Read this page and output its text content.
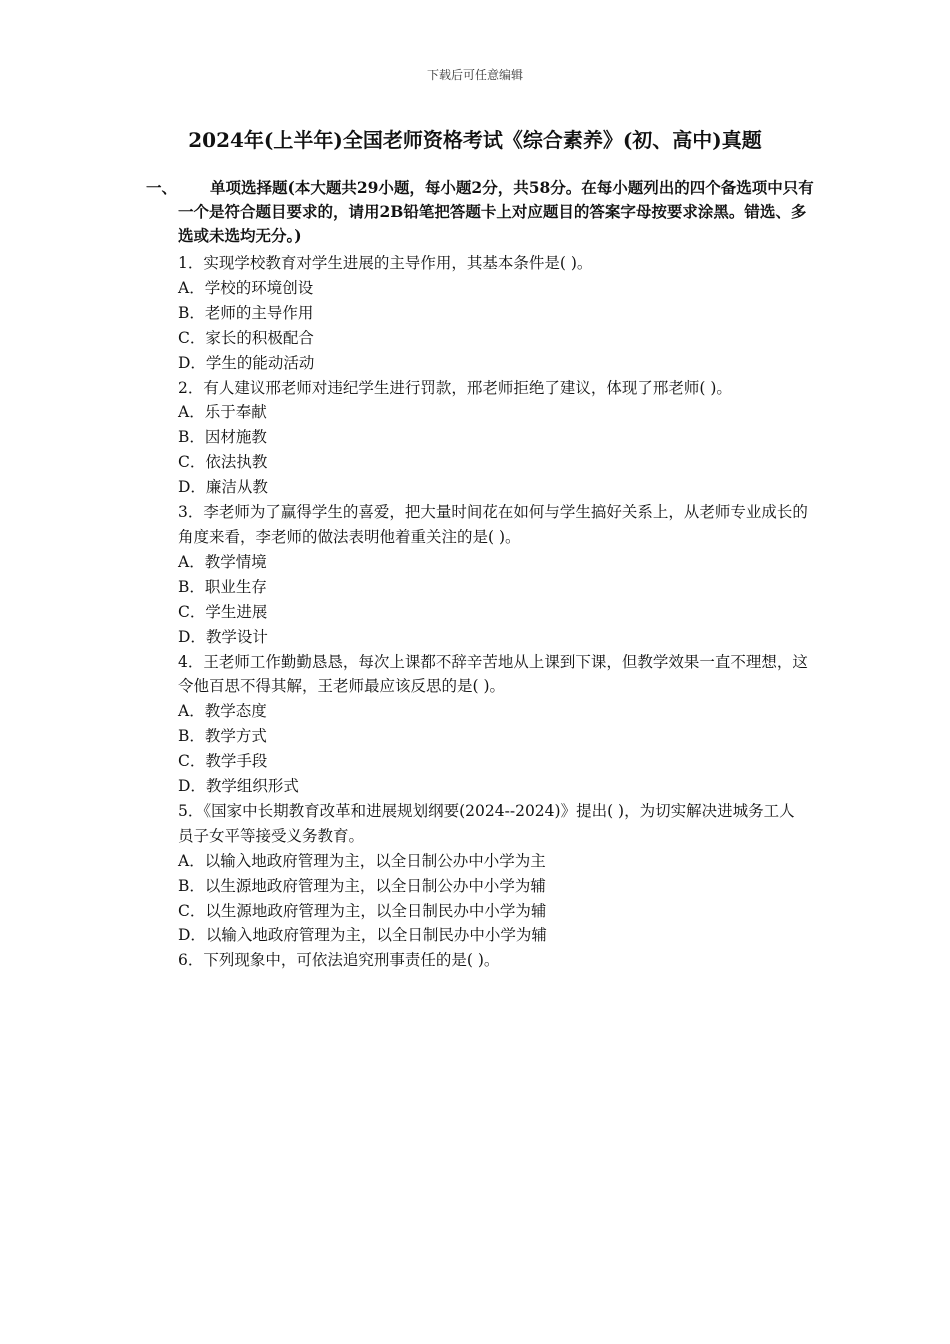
下载后可任意编辑
2024年(上半年)全国老师资格考试《综合素养》(初、高中)真题
一、	单项选择题(本大题共29小题，每小题2分，共58分。在每小题列出的四个备选项中只有一个是符合题目要求的，请用2B铅笔把答题卡上对应题目的答案字母按要求涂黑。错选、多选或未选均无分。)
1．实现学校教育对学生进展的主导作用，其基本条件是( )。
A．学校的环境创设
B．老师的主导作用
C．家长的积极配合
D．学生的能动活动
2．有人建议邢老师对违纪学生进行罚款，邢老师拒绝了建议，体现了邢老师( )。
A．乐于奉献
B．因材施教
C．依法执教
D．廉洁从教
3．李老师为了赢得学生的喜爱，把大量时间花在如何与学生搞好关系上，从老师专业成长的角度来看，李老师的做法表明他着重关注的是( )。
A．教学情境
B．职业生存
C．学生进展
D．教学设计
4．王老师工作勤勤恳恳，每次上课都不辞辛苦地从上课到下课，但教学效果一直不理想，这令他百思不得其解，王老师最应该反思的是( )。
A．教学态度
B．教学方式
C．教学手段
D．教学组织形式
5．《国家中长期教育改革和进展规划纲要(2024--2024)》提出( )，为切实解决进城务工人员子女平等接受义务教育。
A．以输入地政府管理为主，以全日制公办中小学为主
B．以生源地政府管理为主，以全日制公办中小学为辅
C．以生源地政府管理为主，以全日制民办中小学为辅
D．以输入地政府管理为主，以全日制民办中小学为辅
6．下列现象中，可依法追究刑事责任的是( )。
